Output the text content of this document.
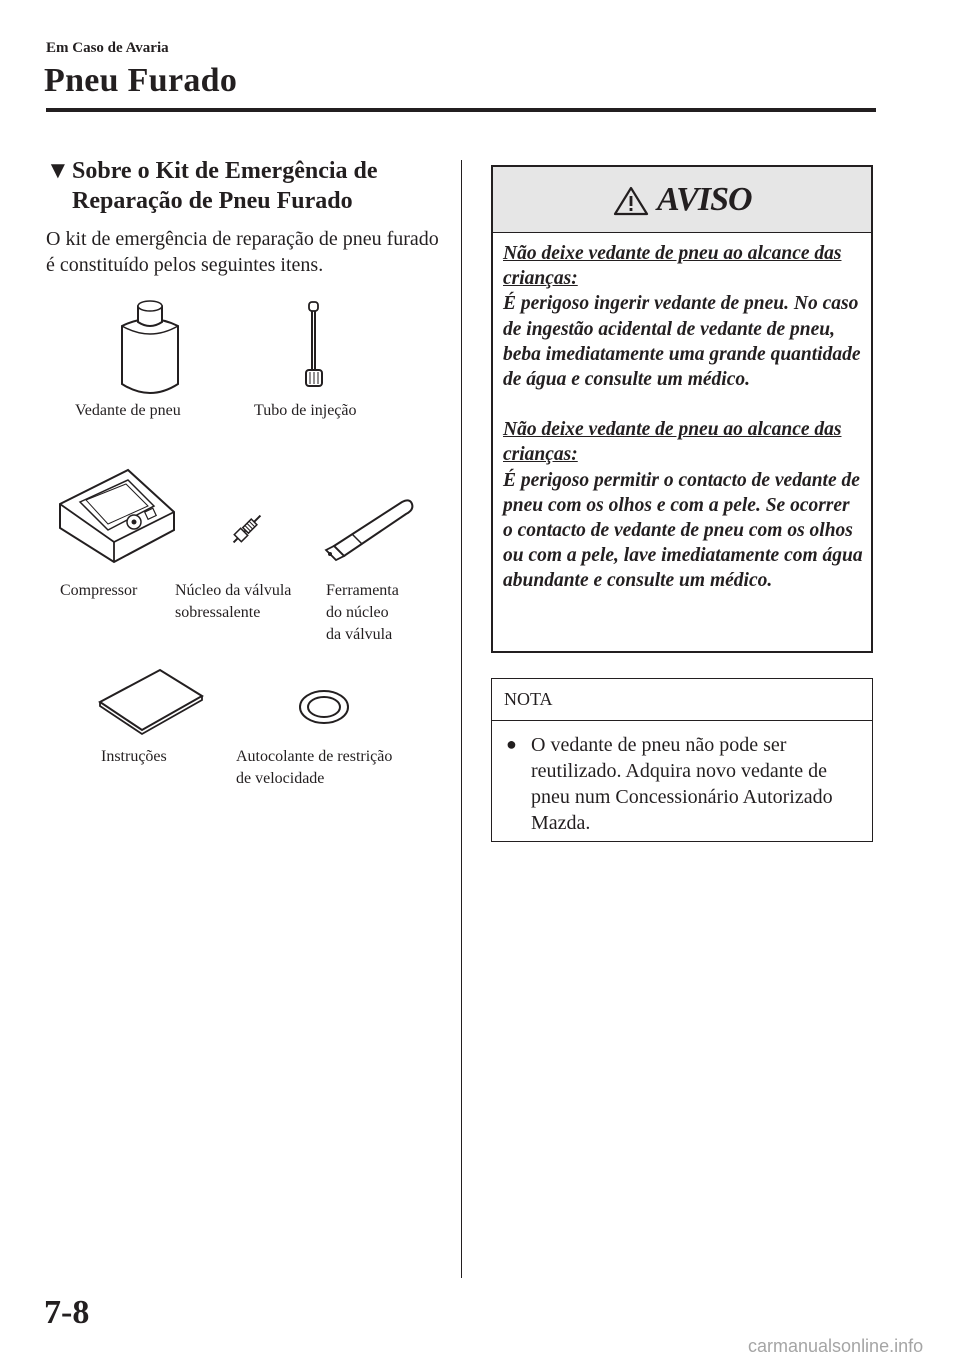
Em Caso de Avaria
Pneu Furado
▼Sobre o Kit de Emergência de
Reparação de Pneu Furado
O kit de emergência de reparação de pneu furado é constituído pelos seguintes itens.
Vedante de pneu	Tubo de injeção
Compressor Núcleo da válvula
sobressalente
Ferramenta
do núcleo
da válvula
Instruções	Autocolante de restrição
de velocidade
AVISO

Não deixe vedante de pneu ao alcance das crianças:

É perigoso ingerir vedante de pneu. No caso de ingestão acidental de vedante de pneu, beba imediatamente uma grande quantidade de água e consulte um médico.

Não deixe vedante de pneu ao alcance das crianças:

É perigoso permitir o contacto de vedante de pneu com os olhos e com a pele. Se ocorrer o contacto de vedante de pneu com os olhos ou com a pele, lave imediatamente com água abundante e consulte um médico.

NOTA
● O vedante de pneu não pode ser reutilizado. Adquira novo vedante de pneu num Concessionário Autorizado Mazda.
7-8
carmanualsonline.info
